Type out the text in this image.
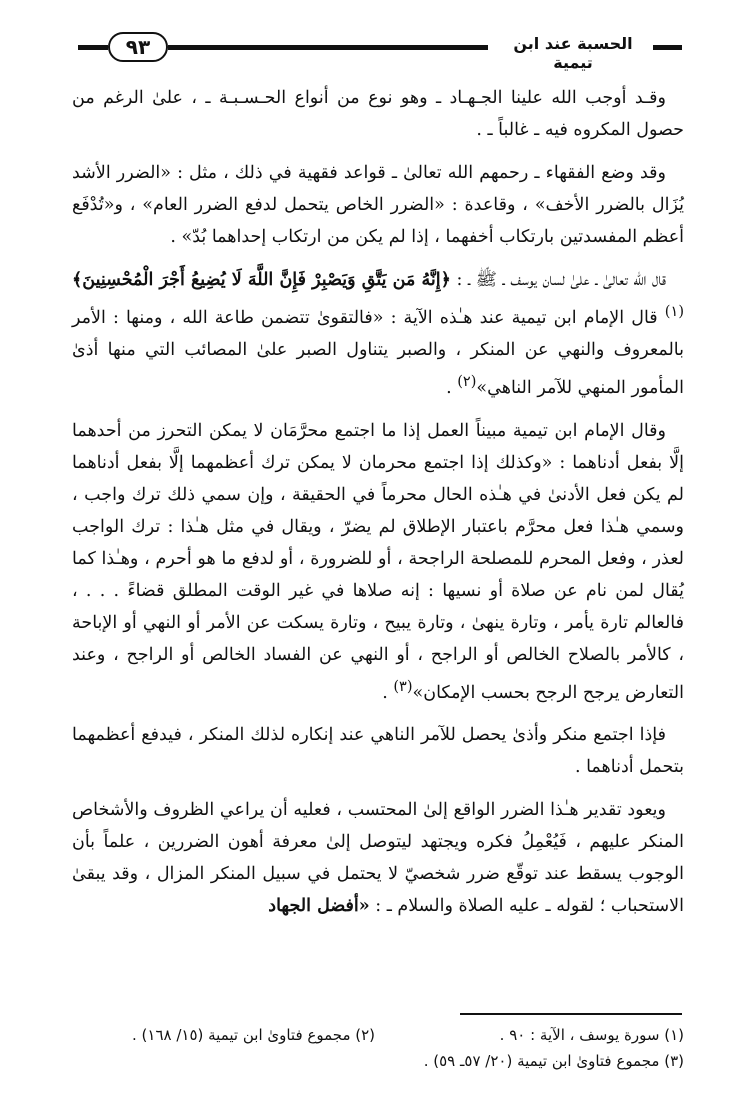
٩٣	الحسبة عند ابن تيمية

وقـد أوجب الله علينا الجـهـاد ـ وهو نوع من أنواع الحـسـبـة ـ ، علىٰ الرغم من حصول المكروه فيه ـ غالباً ـ .

وقد وضع الفقهاء ـ رحمهم الله تعالىٰ ـ قواعد فقهية في ذلك ، مثل : «الضرر الأشد يُزَال بالضرر الأخف» ، وقاعدة : «الضرر الخاص يتحمل لدفع الضرر العام» ، و«تُدْفَع أعظم المفسدتين بارتكاب أخفهما ، إذا لم يكن من ارتكاب إحداهما بُدّ» .

قال الله تعالىٰ ـ علىٰ لسان يوسف ـ ﷺ ـ : ﴿إِنَّهُ مَن يَتَّقِ وَيَصْبِرْ فَإِنَّ اللَّهَ لَا يُضِيعُ أَجْرَ الْمُحْسِنِينَ﴾$^{(١)}$ قال الإمام ابن تيمية عند هـٰذه الآية : «فالتقوىٰ تتضمن طاعة الله ، ومنها : الأمر بالمعروف والنهي عن المنكر ، والصبر يتناول الصبر علىٰ المصائب التي منها أذىٰ المأمور المنهي للآمر الناهي»$^{(٢)}$ .

وقال الإمام ابن تيمية مبيناً العمل إذا ما اجتمع محرَّمَان لا يمكن التحرز من أحدهما إلَّا بفعل أدناهما : «وكذلك إذا اجتمع محرمان لا يمكن ترك أعظمهما إلَّا بفعل أدناهما لم يكن فعل الأدنىٰ في هـٰذه الحال محرماً في الحقيقة ، وإن سمي ذلك ترك واجب ، وسمي هـٰذا فعل محرَّم باعتبار الإطلاق لم يضرّ ، ويقال في مثل هـٰذا : ترك الواجب لعذر ، وفعل المحرم للمصلحة الراجحة ، أو للضرورة ، أو لدفع ما هو أحرم ، وهـٰذا كما يُقال لمن نام عن صلاة أو نسيها : إنه صلاها في غير الوقت المطلق قضاءً . . . ، فالعالم تارة يأمر ، وتارة ينهىٰ ، وتارة يبيح ، وتارة يسكت عن الأمر أو النهي أو الإباحة ، كالأمر بالصلاح الخالص أو الراجح ، أو النهي عن الفساد الخالص أو الراجح ، وعند التعارض يرجح الرجح بحسب الإمكان»$^{(٣)}$ .

فإذا اجتمع منكر وأذىٰ يحصل للآمر الناهي عند إنكاره لذلك المنكر ، فيدفع أعظمهما بتحمل أدناهما .

ويعود تقدير هـٰذا الضرر الواقع إلىٰ المحتسب ، فعليه أن يراعي الظروف والأشخاص المنكر عليهم ، فَيُعْمِلُ فكره ويجتهد ليتوصل إلىٰ معرفة أهون الضررين ، علماً بأن الوجوب يسقط عند توقّع ضرر شخصيّ لا يحتمل في سبيل المنكر المزال ، وقد يبقىٰ الاستحباب ؛ لقوله ـ عليه الصلاة والسلام ـ : «أفضل الجهاد

(١) سورة يوسف ، الآية : ٩٠ .
(٢) مجموع فتاوىٰ ابن تيمية (١٥/ ١٦٨) .
(٣) مجموع فتاوىٰ ابن تيمية (٢٠/ ٥٧ـ ٥٩) .
